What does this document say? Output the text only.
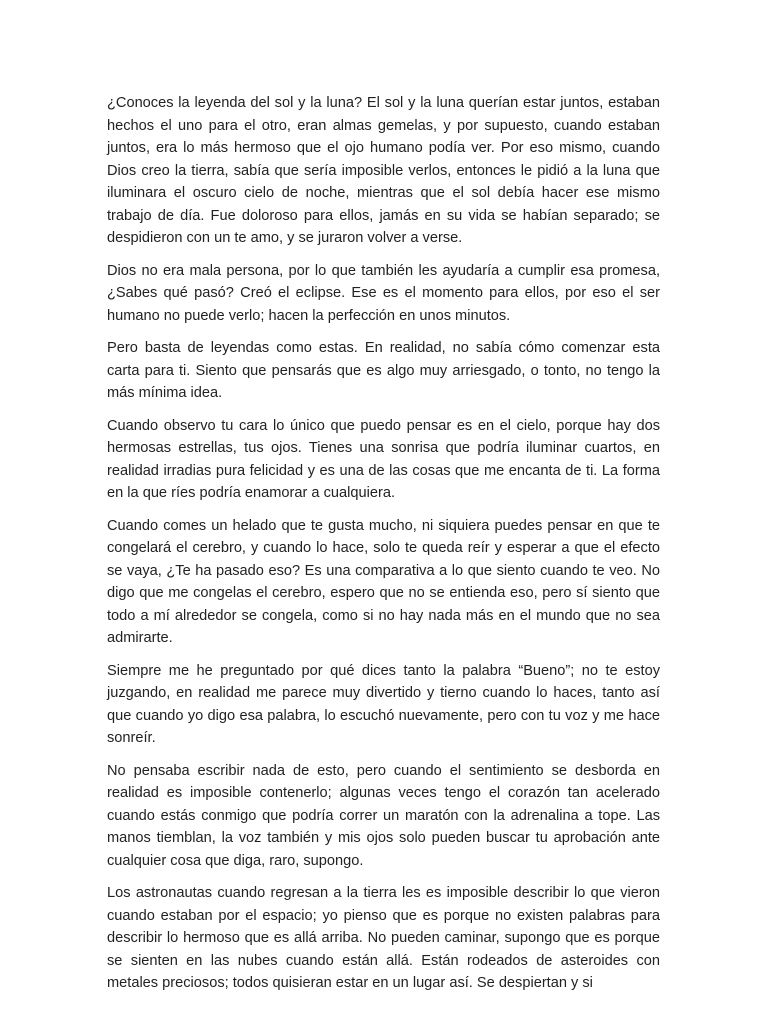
¿Conoces la leyenda del sol y la luna? El sol y la luna querían estar juntos, estaban hechos el uno para el otro, eran almas gemelas, y por supuesto, cuando estaban juntos, era lo más hermoso que el ojo humano podía ver. Por eso mismo, cuando Dios creo la tierra, sabía que sería imposible verlos, entonces le pidió a la luna que iluminara el oscuro cielo de noche, mientras que el sol debía hacer ese mismo trabajo de día. Fue doloroso para ellos, jamás en su vida se habían separado; se despidieron con un te amo, y se juraron volver a verse.

Dios no era mala persona, por lo que también les ayudaría a cumplir esa promesa, ¿Sabes qué pasó? Creó el eclipse. Ese es el momento para ellos, por eso el ser humano no puede verlo; hacen la perfección en unos minutos.

Pero basta de leyendas como estas. En realidad, no sabía cómo comenzar esta carta para ti. Siento que pensarás que es algo muy arriesgado, o tonto, no tengo la más mínima idea.

Cuando observo tu cara lo único que puedo pensar es en el cielo, porque hay dos hermosas estrellas, tus ojos. Tienes una sonrisa que podría iluminar cuartos, en realidad irradias pura felicidad y es una de las cosas que me encanta de ti. La forma en la que ríes podría enamorar a cualquiera.

Cuando comes un helado que te gusta mucho, ni siquiera puedes pensar en que te congelará el cerebro, y cuando lo hace, solo te queda reír y esperar a que el efecto se vaya, ¿Te ha pasado eso? Es una comparativa a lo que siento cuando te veo. No digo que me congelas el cerebro, espero que no se entienda eso, pero sí siento que todo a mí alrededor se congela, como si no hay nada más en el mundo que no sea admirarte.

Siempre me he preguntado por qué dices tanto la palabra “Bueno”; no te estoy juzgando, en realidad me parece muy divertido y tierno cuando lo haces, tanto así que cuando yo digo esa palabra, lo escuchó nuevamente, pero con tu voz y me hace sonreír.

No pensaba escribir nada de esto, pero cuando el sentimiento se desborda en realidad es imposible contenerlo; algunas veces tengo el corazón tan acelerado cuando estás conmigo que podría correr un maratón con la adrenalina a tope. Las manos tiemblan, la voz también y mis ojos solo pueden buscar tu aprobación ante cualquier cosa que diga, raro, supongo.

Los astronautas cuando regresan a la tierra les es imposible describir lo que vieron cuando estaban por el espacio; yo pienso que es porque no existen palabras para describir lo hermoso que es allá arriba. No pueden caminar, supongo que es porque se sienten en las nubes cuando están allá. Están rodeados de asteroides con metales preciosos; todos quisieran estar en un lugar así. Se despiertan y si
